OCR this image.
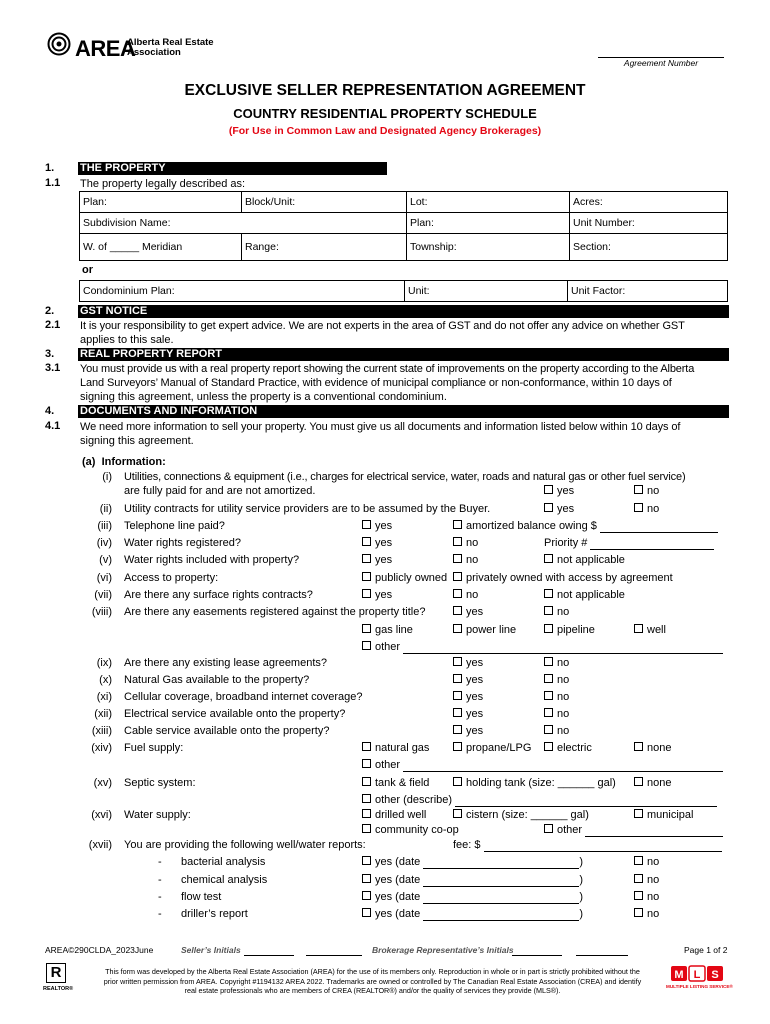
AREA
Alberta Real Estate
Association
Agreement Number
EXCLUSIVE SELLER REPRESENTATION AGREEMENT
COUNTRY RESIDENTIAL PROPERTY SCHEDULE
(For Use in Common Law and Designated Agency Brokerages)
1. THE PROPERTY
1.1 The property legally described as:
Plan:	Block/Unit:	Lot:	Acres:
Subdivision Name:		Plan:	Unit Number:
W. of _____ Meridian	Range:	Township:	Section:
or
Condominium Plan:	Unit:	Unit Factor:
2. GST NOTICE
2.1 It is your responsibility to get expert advice. We are not experts in the area of GST and do not offer any advice on whether GST
applies to this sale.
3. REAL PROPERTY REPORT
3.1 You must provide us with a real property report showing the current state of improvements on the property according to the Alberta
Land Surveyors’ Manual of Standard Practice, with evidence of municipal compliance or non-conformance, within 10 days of
signing this agreement, unless the property is a conventional condominium.
4. DOCUMENTS AND INFORMATION
4.1 We need more information to sell your property. You must give us all documents and information listed below within 10 days of
signing this agreement.
(a) Information:
(i) Utilities, connections & equipment (i.e., charges for electrical service, water, roads and natural gas or other fuel service)
are fully paid for and are not amortized.	yes	no
(ii) Utility contracts for utility service providers are to be assumed by the Buyer.	yes	no
(iii) Telephone line paid?	yes	amortized balance owing $
(iv) Water rights registered?	yes	no	Priority #
(v) Water rights included with property?	yes	no	not applicable
(vi) Access to property:	publicly owned	privately owned with access by agreement
(vii) Are there any surface rights contracts?	yes	no	not applicable
(viii) Are there any easements registered against the property title?	yes	no
gas line	power line	pipeline	well
other
(ix) Are there any existing lease agreements?	yes	no
(x) Natural Gas available to the property?	yes	no
(xi) Cellular coverage, broadband internet coverage?	yes	no
(xii) Electrical service available onto the property?	yes	no
(xiii) Cable service available onto the property?	yes	no
(xiv) Fuel supply:	natural gas	propane/LPG	electric	none
other
(xv) Septic system:	tank & field	holding tank (size: ______ gal)	none
other (describe)
(xvi) Water supply:	drilled well	cistern (size: ______ gal)	municipal
community co-op	other
(xvii) You are providing the following well/water reports:	fee: $
- bacterial analysis	yes (date	)	no
- chemical analysis	yes (date	)	no
- flow test	yes (date	)	no
- driller’s report	yes (date	)	no
AREA©290CLDA_2023June	Seller’s Initials	Brokerage Representative’s Initials	Page 1 of 2
R
REALTOR®
This form was developed by the Alberta Real Estate Association (AREA) for the use of its members only. Reproduction in whole or in part is strictly prohibited without the
prior written permission from AREA. Copyright #1194132 AREA 2022. Trademarks are owned or controlled by The Canadian Real Estate Association (CREA) and identify
real estate professionals who are members of CREA (REALTOR®) and/or the quality of services they provide (MLS®).
M L S
MULTIPLE LISTING SERVICE®
